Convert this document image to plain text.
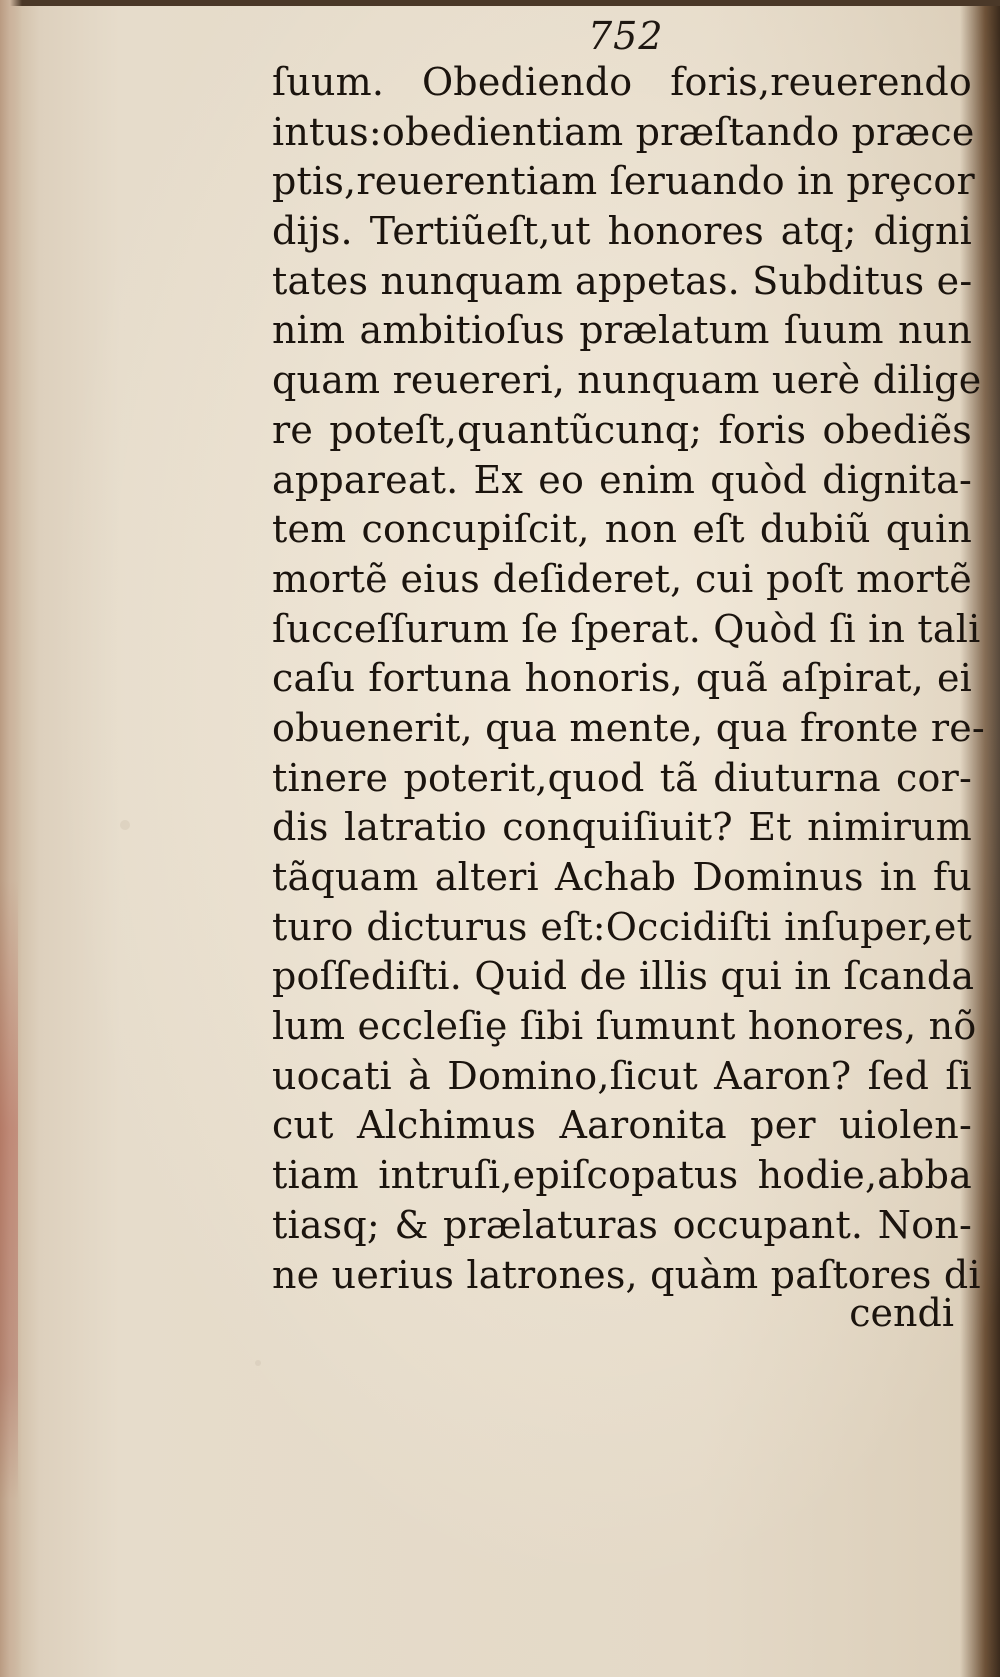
752
ſuum. Obediendo foris,reuerendo
intus:obedientiam præſtando præce
ptis,reuerentiam ſeruando in prȩcor
dijs. Tertiũeſt,ut honores atq; digni
tates nunquam appetas. Subditus e-
nim ambitioſus prælatum ſuum nun
quam reuereri, nunquam uerè dilige
re poteſt,quantũcunq; foris obediẽs
appareat. Ex eo enim quòd dignita-
tem concupiſcit, non eſt dubiũ quin
mortẽ eius deſideret, cui poſt mortẽ
ſucceſſurum ſe ſperat. Quòd ſi in tali
caſu fortuna honoris, quã aſpirat, ei
obuenerit, qua mente, qua fronte re-
tinere poterit,quod tã diuturna cor-
dis latratio conquiſiuit? Et nimirum
tãquam alteri Achab Dominus in fu
turo dicturus eſt:Occidiſti inſuper,et
poſſediſti. Quid de illis qui in ſcanda
lum eccleſiȩ ſibi ſumunt honores, nõ
uocati à Domino,ſicut Aaron? ſed ſi
cut Alchimus Aaronita per uiolen-
tiam intruſi,epiſcopatus hodie,abba
tiasq; & prælaturas occupant. Non-
ne uerius latrones, quàm paſtores di
cendi
